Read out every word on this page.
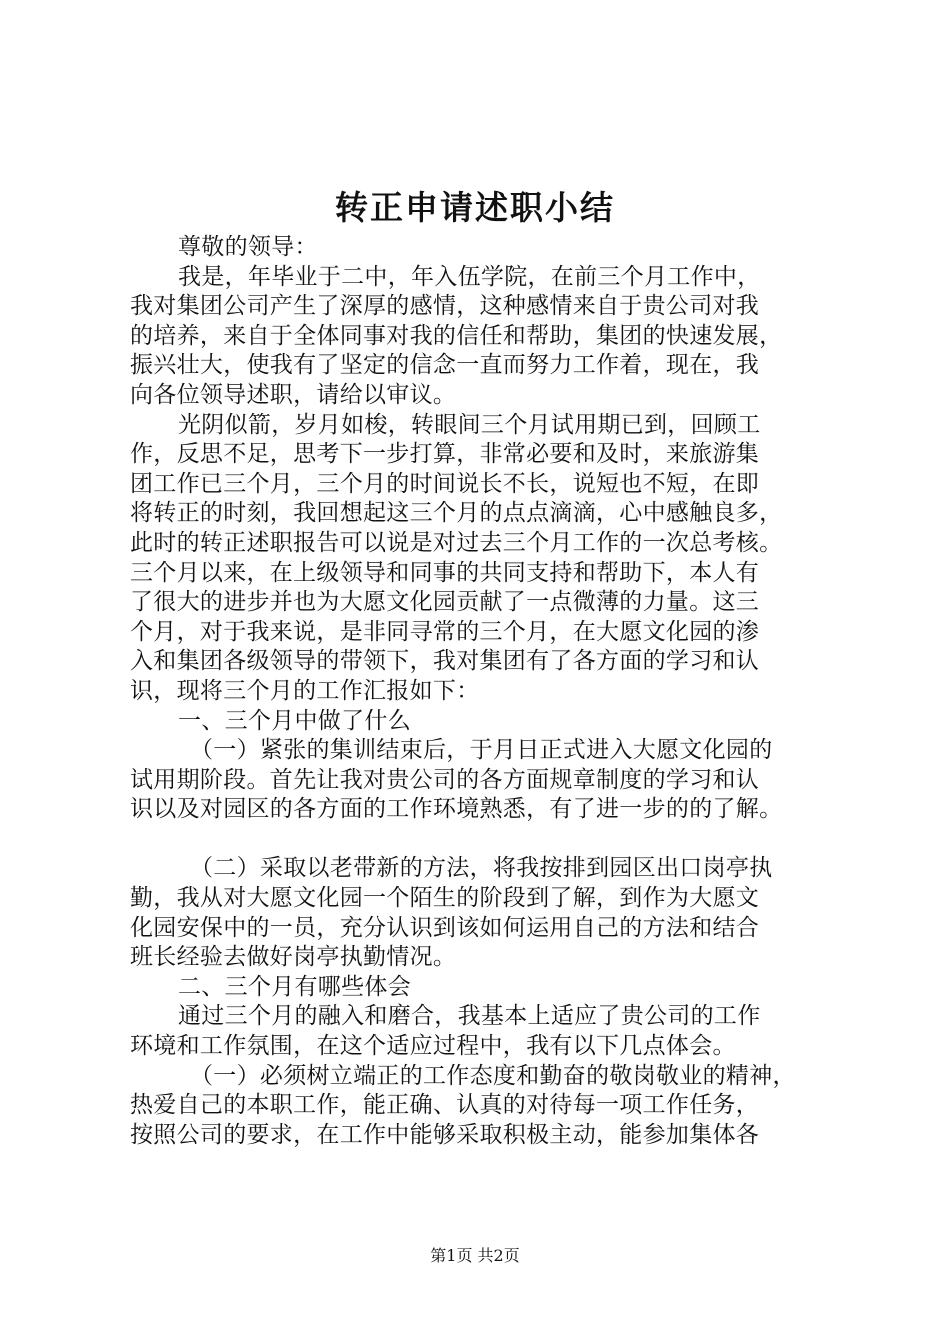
转正申请述职小结
尊敬的领导：
我是，年毕业于二中，年入伍学院，在前三个月工作中，
我对集团公司产生了深厚的感情，这种感情来自于贵公司对我
的培养，来自于全体同事对我的信任和帮助，集团的快速发展，
振兴壮大，使我有了坚定的信念一直而努力工作着，现在，我
向各位领导述职，请给以审议。
光阴似箭，岁月如梭，转眼间三个月试用期已到，回顾工
作，反思不足，思考下一步打算，非常必要和及时，来旅游集
团工作已三个月，三个月的时间说长不长，说短也不短，在即
将转正的时刻，我回想起这三个月的点点滴滴，心中感触良多，
此时的转正述职报告可以说是对过去三个月工作的一次总考核。
三个月以来，在上级领导和同事的共同支持和帮助下，本人有
了很大的进步并也为大愿文化园贡献了一点微薄的力量。这三
个月，对于我来说，是非同寻常的三个月，在大愿文化园的渗
入和集团各级领导的带领下，我对集团有了各方面的学习和认
识，现将三个月的工作汇报如下：
一、三个月中做了什么
（一）紧张的集训结束后，于月日正式进入大愿文化园的
试用期阶段。首先让我对贵公司的各方面规章制度的学习和认
识以及对园区的各方面的工作环境熟悉，有了进一步的的了解。
（二）采取以老带新的方法，将我按排到园区出口岗亭执
勤，我从对大愿文化园一个陌生的阶段到了解，到作为大愿文
化园安保中的一员，充分认识到该如何运用自己的方法和结合
班长经验去做好岗亭执勤情况。
二、三个月有哪些体会
通过三个月的融入和磨合，我基本上适应了贵公司的工作
环境和工作氛围，在这个适应过程中，我有以下几点体会。
（一）必须树立端正的工作态度和勤奋的敬岗敬业的精神，
热爱自己的本职工作，能正确、认真的对待每一项工作任务，
按照公司的要求，在工作中能够采取积极主动，能参加集体各
第1页 共2页
